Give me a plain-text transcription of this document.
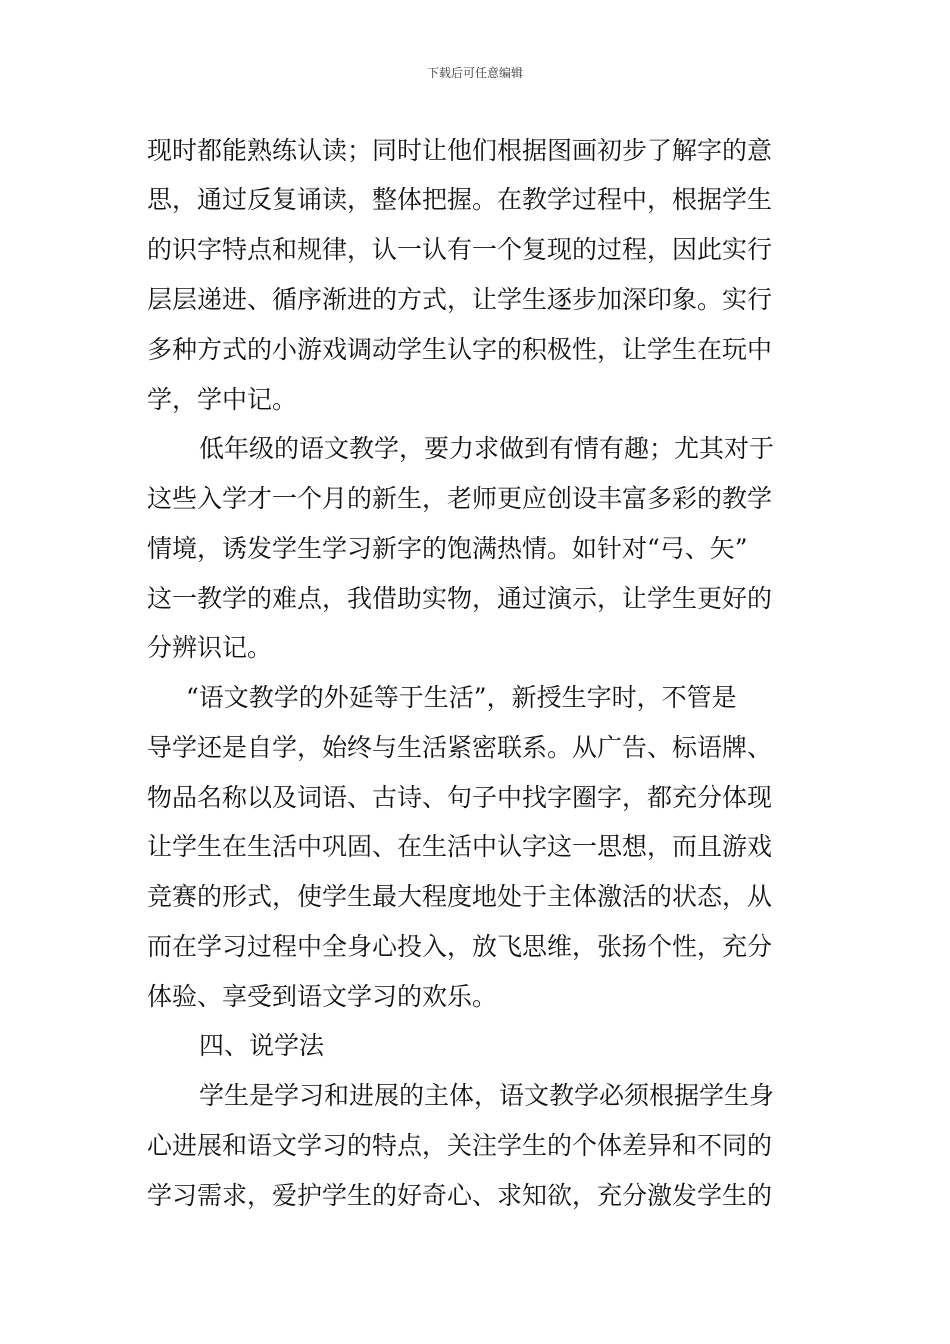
下载后可任意编辑
现时都能熟练认读；同时让他们根据图画初步了解字的意
思，通过反复诵读，整体把握。在教学过程中，根据学生
的识字特点和规律，认一认有一个复现的过程，因此实行
层层递进、循序渐进的方式，让学生逐步加深印象。实行
多种方式的小游戏调动学生认字的积极性，让学生在玩中
学，学中记。
低年级的语文教学，要力求做到有情有趣；尤其对于
这些入学才一个月的新生，老师更应创设丰富多彩的教学
情境，诱发学生学习新字的饱满热情。如针对“弓、矢”
这一教学的难点，我借助实物，通过演示，让学生更好的
分辨识记。
“语文教学的外延等于生活”，新授生字时，不管是
导学还是自学，始终与生活紧密联系。从广告、标语牌、
物品名称以及词语、古诗、句子中找字圈字，都充分体现
让学生在生活中巩固、在生活中认字这一思想，而且游戏
竞赛的形式，使学生最大程度地处于主体激活的状态，从
而在学习过程中全身心投入，放飞思维，张扬个性，充分
体验、享受到语文学习的欢乐。
四、说学法
学生是学习和进展的主体，语文教学必须根据学生身
心进展和语文学习的特点，关注学生的个体差异和不同的
学习需求，爱护学生的好奇心、求知欲，充分激发学生的
